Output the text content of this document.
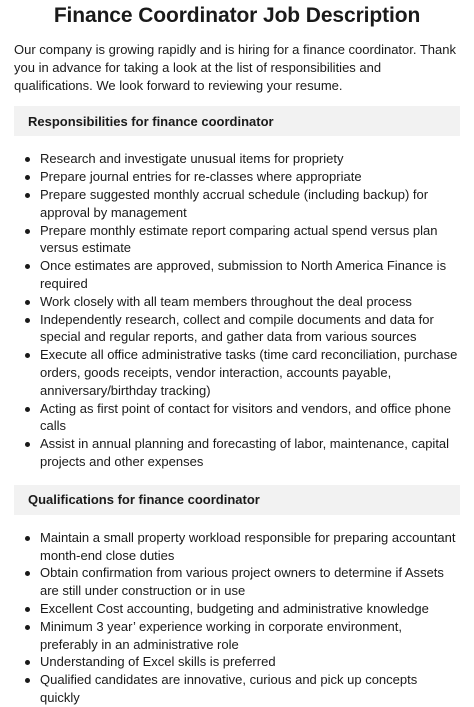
Finance Coordinator Job Description

Our company is growing rapidly and is hiring for a finance coordinator. Thank you in advance for taking a look at the list of responsibilities and qualifications. We look forward to reviewing your resume.

Responsibilities for finance coordinator
Research and investigate unusual items for propriety
Prepare journal entries for re-classes where appropriate
Prepare suggested monthly accrual schedule (including backup) for approval by management
Prepare monthly estimate report comparing actual spend versus plan versus estimate
Once estimates are approved, submission to North America Finance is required
Work closely with all team members throughout the deal process
Independently research, collect and compile documents and data for special and regular reports, and gather data from various sources
Execute all office administrative tasks (time card reconciliation, purchase orders, goods receipts, vendor interaction, accounts payable, anniversary/birthday tracking)
Acting as first point of contact for visitors and vendors, and office phone calls
Assist in annual planning and forecasting of labor, maintenance, capital projects and other expenses
Qualifications for finance coordinator
Maintain a small property workload responsible for preparing accountant month-end close duties
Obtain confirmation from various project owners to determine if Assets are still under construction or in use
Excellent Cost accounting, budgeting and administrative knowledge
Minimum 3 year’ experience working in corporate environment, preferably in an administrative role
Understanding of Excel skills is preferred
Qualified candidates are innovative, curious and pick up concepts quickly
